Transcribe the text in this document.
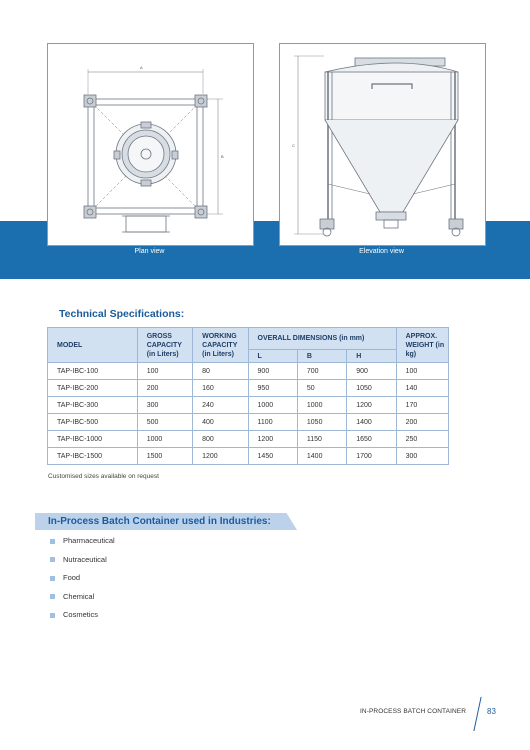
A
B
Plan view
C
Elevation view
Technical Specifications:
MODEL	GROSS CAPACITY (in Liters)	WORKING CAPACITY (in Liters)	OVERALL DIMENSIONS (in mm)			APPROX. WEIGHT (in kg)
			L	B	H	
TAP-IBC-100	100	80	900	700	900	100
TAP-IBC-200	200	160	950	50	1050	140
TAP-IBC-300	300	240	1000	1000	1200	170
TAP-IBC-500	500	400	1100	1050	1400	200
TAP-IBC-1000	1000	800	1200	1150	1650	250
TAP-IBC-1500	1500	1200	1450	1400	1700	300
Customised sizes available on request
In-Process Batch Container used in Industries:
Pharmaceutical
Nutraceutical
Food
Chemical
Cosmetics
IN-PROCESS BATCH CONTAINER	83
